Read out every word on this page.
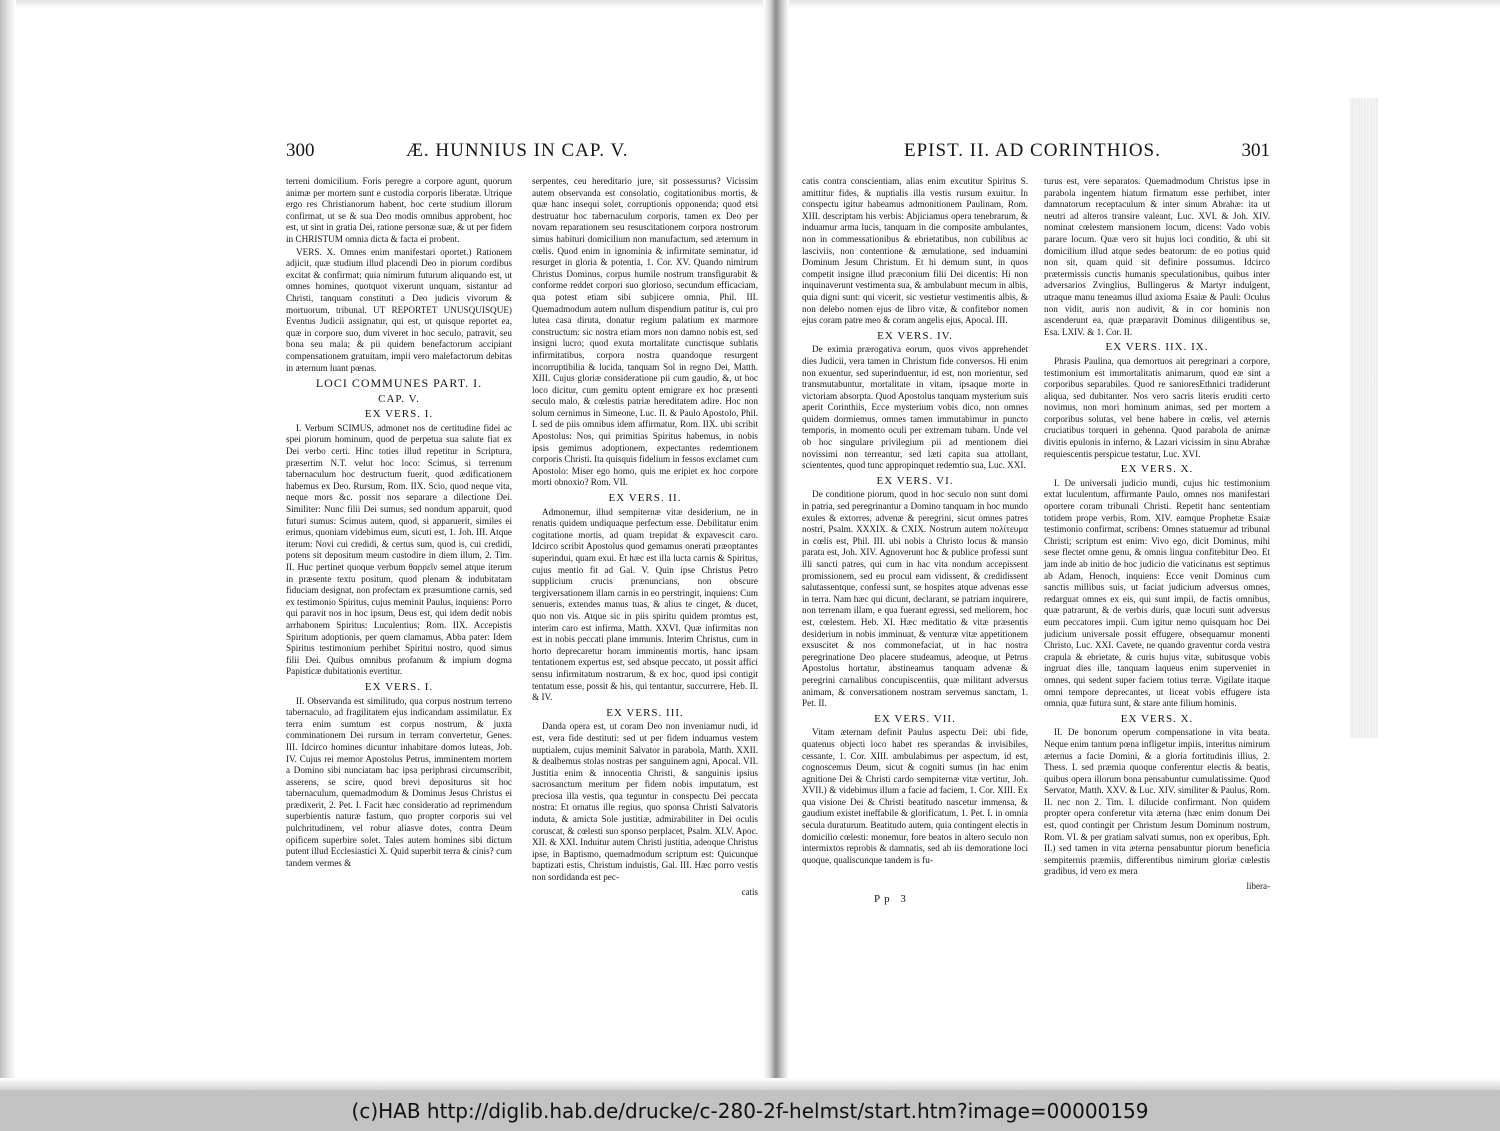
300	Æ. HUNNIUS IN CAP. V.

terreni domicilium. Foris peregre a corpore agunt, quorum animæ per mortem sunt e custodia corporis liberatæ. Utrique ergo res Christianorum habent, hoc certe studium illorum confirmat, ut se & sua Deo modis omnibus approbent, hoc est, ut sint in gratia Dei, ratione personæ suæ, & ut per fidem in CHRISTUM omnia dicta & facta ei probent.

VERS. X. Omnes enim manifestari oportet.) Rationem adjicit, quæ studium illud placendi Deo in piorum cordibus excitat & confirmat; quia nimirum futurum aliquando est, ut omnes homines, quotquot vixerunt unquam, sistantur ad Christi, tanquam constituti a Deo judicis vivorum & mortuorum, tribunal. UT REPORTET UNUSQUISQUE) Eventus Judicii assignatur, qui est, ut quisque reportet ea, quæ in corpore suo, dum viveret in hoc seculo, patravit, seu bona seu mala; & pii quidem benefactorum accipiant compensationem gratuitam, impii vero malefactorum debitas in æternum luant pœnas.

LOCI COMMUNES PART. I.
CAP. V.
EX VERS. I.

I. Verbum SCIMUS, admonet nos de certitudine fidei ac spei piorum hominum, quod de perpetua sua salute fiat ex Dei verbo certi. Hinc toties illud repetitur in Scriptura, præsertim N.T. velut hoc loco: Scimus, si terrenum tabernaculum hoc destructum fuerit, quod ædificationem habemus ex Deo. Rursum, Rom. IIX. Scio, quod neque vita, neque mors &c. possit nos separare a dilectione Dei. Similiter: Nunc filii Dei sumus, sed nondum apparuit, quod futuri sumus: Scimus autem, quod, si apparuerit, similes ei erimus, quoniam videbimus eum, sicuti est, 1. Joh. III. Atque iterum: Novi cui credidi, & certus sum, quod is, cui credidi, potens sit depositum meum custodire in diem illum, 2. Tim. II. Huc pertinet quoque verbum θαρρεῖν semel atque iterum in præsente textu positum, quod plenam & indubitatam fiduciam designat, non profectam ex præsumtione carnis, sed ex testimonio Spiritus, cujus meminit Paulus, inquiens: Porro qui paravit nos in hoc ipsum, Deus est, qui idem dedit nobis arrhabonem Spiritus: Luculentius; Rom. IIX. Accepistis Spiritum adoptionis, per quem clamamus, Abba pater: Idem Spiritus testimonium perhibet Spiritui nostro, quod simus filii Dei. Quibus omnibus profanum & impium dogma Papisticæ dubitationis evertitur.

EX VERS. I.

II. Observanda est similitudo, qua corpus nostrum terreno tabernaculo, ad fragilitatem ejus indicandam assimilatur. Ex terra enim sumtum est corpus nostrum, & juxta comminationem Dei rursum in terram convertetur, Genes. III. Idcirco homines dicuntur inhabitare domos luteas, Job. IV. Cujus rei memor Apostolus Petrus, imminentem mortem a Domino sibi nunciatam hac ipsa periphrasi circumscribit, asserens, se scire, quod brevi depositurus sit hoc tabernaculum, quemadmodum & Dominus Jesus Christus ei prædixerit, 2. Pet. I. Facit hæc consideratio ad reprimendum superbientis naturæ fastum, quo propter corporis sui vel pulchritudinem, vel robur aliasve dotes, contra Deum opificem superbire solet. Tales autem homines sibi dictum putent illud Ecclesiastici X. Quid superbit terra & cinis? cum tandem vermes &

serpentes, ceu hereditario jure, sit possessurus? Vicissim autem observanda est consolatio, cogitationibus mortis, & quæ hanc insequi solet, corruptionis opponenda; quod etsi destruatur hoc tabernaculum corporis, tamen ex Deo per novam reparationem seu resuscitationem corpora nostrorum simus habituri domicilium non manufactum, sed æternum in cœlis. Quod enim in ignominia & infirmitate seminatur, id resurget in gloria & potentia, 1. Cor. XV. Quando nimirum Christus Dominus, corpus humile nostrum transfigurabit & conforme reddet corpori suo glorioso, secundum efficaciam, qua potest etiam sibi subjicere omnia, Phil. III. Quemadmodum autem nullum dispendium patitur is, cui pro lutea casa diruta, donatur regium palatium ex marmore constructum: sic nostra etiam mors non damno nobis est, sed insigni lucro; quod exuta mortalitate cunctisque sublatis infirmitatibus, corpora nostra quandoque resurgent incorruptibilia & lucida, tanquam Sol in regno Dei, Matth. XIII. Cujus gloriæ consideratione pii cum gaudio, &, ut hoc loco dicitur, cum gemitu optent emigrare ex hoc præsenti seculo malo, & cœlestis patriæ hereditatem adire. Hoc non solum cernimus in Simeone, Luc. II. & Paulo Apostolo, Phil. I. sed de piis omnibus idem affirmatur, Rom. IIX. ubi scribit Apostolus: Nos, qui primitias Spiritus habemus, in nobis ipsis gemimus adoptionem, expectantes redemtionem corporis Christi. Ita quisquis fidelium in fessos exclamet cum Apostolo: Miser ego homo, quis me eripiet ex hoc corpore morti obnoxio? Rom. VII.

EX VERS. II.

Admonemur, illud sempiternæ vitæ desiderium, ne in renatis quidem undiquaque perfectum esse. Debilitatur enim cogitatione mortis, ad quam trepidat & expavescit caro. Idcirco scribit Apostolus quod gemamus onerati præoptantes superindui, quam exui. Et hæc est illa lucta carnis & Spiritus, cujus mentio fit ad Gal. V. Quin ipse Christus Petro supplicium crucis prænuncians, non obscure tergiversationem illam carnis in eo perstringit, inquiens: Cum senueris, extendes manus tuas, & alius te cinget, & ducet, quo non vis. Atque sic in piis spiritu quidem promtus est, interim caro est infirma, Matth. XXVI. Quæ infirmitas non est in nobis peccati plane immunis. Interim Christus, cum in horto deprecaretur horam imminentis mortis, hanc ipsam tentationem expertus est, sed absque peccato, ut possit affici sensu infirmitatum nostrarum, & ex hoc, quod ipsi contigit tentatum esse, possit & his, qui tentantur, succurrere, Heb. II. & IV.

EX VERS. III.

Danda opera est, ut coram Deo non inveniamur nudi, id est, vera fide destituti: sed ut per fidem induamus vestem nuptialem, cujus meminit Salvator in parabola, Matth. XXII. & dealbemus stolas nostras per sanguinem agni, Apocal. VII. Justitia enim & innocentia Christi, & sanguinis ipsius sacrosanctum meritum per fidem nobis imputatum, est preciosa illa vestis, qua teguntur in conspectu Dei peccata nostra: Et ornatus ille regius, quo sponsa Christi Salvatoris induta, & amicta Sole justitiæ, admirabiliter in Dei oculis coruscat, & cœlesti suo sponso perplacet, Psalm. XLV. Apoc. XII. & XXI. Induitur autem Christi justitia, adeoque Christus ipse, in Baptismo, quemadmodum scriptum est: Quicunque baptizati estis, Christum induistis, Gal. III. Hæc porro vestis non sordidanda est pec-

catis
EPIST. II. AD CORINTHIOS.	301

catis contra conscientiam, alias enim excutitur Spiritus S. amittitur fides, & nuptialis illa vestis rursum exuitur. In conspectu igitur habeamus admonitionem Paulinam, Rom. XIII. descriptam his verbis: Abjiciamus opera tenebrarum, & induamur arma lucis, tanquam in die composite ambulantes, non in commessationibus & ebrietatibus, non cubilibus ac lasciviis, non contentione & æmulatione, sed induamini Dominum Jesum Christum. Et hi demum sunt, in quos competit insigne illud præconium filii Dei dicentis: Hi non inquinaverunt vestimenta sua, & ambulabunt mecum in albis, quia digni sunt: qui vicerit, sic vestietur vestimentis albis, & non delebo nomen ejus de libro vitæ, & confitebor nomen ejus coram patre meo & coram angelis ejus, Apocal. III.

EX VERS. IV.

De eximia prærogativa eorum, quos vivos apprehendet dies Judicii, vera tamen in Christum fide conversos. Hi enim non exuentur, sed superinduentur, id est, non morientur, sed transmutabuntur, mortalitate in vitam, ipsaque morte in victoriam absorpta. Quod Apostolus tanquam mysterium suis aperit Corinthiis, Ecce mysterium vobis dico, non omnes quidem dormiemus, omnes tamen immutabimur in puncto temporis, in momento oculi per extremam tubam. Unde vel ob hoc singulare privilegium pii ad mentionem diei novissimi non terreantur, sed læti capita sua attollant, sciententes, quod tunc appropinquet redemtio sua, Luc. XXI.

EX VERS. VI.

De conditione piorum, quod in hoc seculo non sunt domi in patria, sed peregrinantur a Domino tanquam in hoc mundo exules & extorres, advenæ & peregrini, sicut omnes patres nostri, Psalm. XXXIX. & CXIX. Nostrum autem πολίτευμα in cœlis est, Phil. III. ubi nobis a Christo locus & mansio parata est, Joh. XIV. Agnoverunt hoc & publice professi sunt illi sancti patres, qui cum in hac vita nondum accepissent promissionem, sed eu procul eam vidissent, & credidissent salutassentque, confessi sunt, se hospites atque advenas esse in terra. Nam hæc qui dicunt, declarant, se patriam inquirere, non terrenam illam, e qua fuerant egressi, sed meliorem, hoc est, cœlestem. Heb. XI. Hæc meditatio & vitæ præsentis desiderium in nobis imminuat, & venturæ vitæ appetitionem exsuscitet & nos commonefaciat, ut in hac nostra peregrinatione Deo placere studeamus, adeoque, ut Petrus Apostolus hortatur, abstineamus tanquam advenæ & peregrini carnalibus concupiscentiis, quæ militant adversus animam, & conversationem nostram servemus sanctam, 1. Pet. II.

EX VERS. VII.

Vitam æternam definit Paulus aspectu Dei: ubi fide, quatenus objecti loco habet res sperandas & invisibiles, cessante, 1. Cor. XIII. ambulabimus per aspectum, id est, cognoscemus Deum, sicut & cogniti sumus (in hac enim agnitione Dei & Christi cardo sempiternæ vitæ vertitur, Joh. XVII.) & videbimus illum a facie ad faciem, 1. Cor. XIII. Ex qua visione Dei & Christi beatitudo nascetur immensa, & gaudium existet ineffabile & glorificatum, 1. Pet. I. in omnia secula duraturum. Beatitudo autem, quia contingent electis in domicilio cœlesti: monemur, fore beatos in altero seculo non intermixtos reprobis & damnatis, sed ab iis demoratione loci quoque, qualiscunque tandem is fu-

turus est, vere separatos. Quemadmodum Christus ipse in parabola ingentem hiatum firmatum esse perhibet, inter damnatorum receptaculum & inter sinum Abrahæ: ita ut neutri ad alteros transire valeant, Luc. XVI. & Joh. XIV. nominat cœlestem mansionem locum, dicens: Vado vobis parare locum. Quæ vero sit hujus loci conditio, & ubi sit domicilium illud atque sedes beatorum: de eo potius quid non sit, quam quid sit definire possumus. Idcirco prætermissis cunctis humanis speculationibus, quibus inter adversarios Zvinglius, Bullingerus & Martyr indulgent, utraque manu teneamus illud axioma Esaiæ & Pauli: Oculus non vidit, auris non audivit, & in cor hominis non ascenderunt ea, quæ præparavit Dominus diligentibus se, Esa. LXIV. & 1. Cor. II.

EX VERS. IIX. IX.

Phrasis Paulina, qua demortuos ait peregrinari a corpore, testimonium est immortalitatis animarum, quod eæ sint a corporibus separabiles. Quod re sanioresEthnici tradiderunt aliqua, sed dubitanter. Nos vero sacris literis eruditi certo novimus, non mori hominum animas, sed per mortem a corporibus solutas, vel bene habere in cœlis, vel æternis cruciatibus torqueri in gehenna. Quod parabola de animæ divitis epulonis in inferno, & Lazari vicissim in sinu Abrahæ requiescentis perspicue testatur, Luc. XVI.

EX VERS. X.

I. De universali judicio mundi, cujus hic testimonium extat luculentum, affirmante Paulo, omnes nos manifestari oportere coram tribunali Christi. Repetit hanc sententiam totidem prope verbis, Rom. XIV. eamque Prophetæ Esaiæ testimonio confirmat, scribens: Omnes statuemur ad tribunal Christi; scriptum est enim: Vivo ego, dicit Dominus, mihi sese flectet omne genu, & omnis lingua confitebitur Deo. Et jam inde ab initio de hoc judicio die vaticinatus est septimus ab Adam, Henoch, inquiens: Ecce venit Dominus cum sanctis millibus suis, ut faciat judicium adversus omnes, redarguat omnes ex eis, qui sunt impii, de factis omnibus, quæ patrarunt, & de verbis duris, quæ locuti sunt adversus eum peccatores impii. Cum igitur nemo quisquam hoc Dei judicium universale possit effugere, obsequamur monenti Christo, Luc. XXI. Cavete, ne quando graventur corda vestra crapula & ebrietate, & curis hujus vitæ, subitusque vobis ingruat dies ille, tanquam laqueus enim superveniet in omnes, qui sedent super faciem totius terræ. Vigilate itaque omni tempore deprecantes, ut liceat vobis effugere ista omnia, quæ futura sunt, & stare ante filium hominis.

EX VERS. X.

II. De bonorum operum compensatione in vita beata. Neque enim tantum pœna infligetur impiis, interitus nimirum æternus a facie Domini, & a gloria fortitudinis illius, 2. Thess. I. sed præmia quoque conferentur electis & beatis, quibus opera illorum bona pensabuntur cumulatissime. Quod Servator, Matth. XXV. & Luc. XIV. similiter & Paulus, Rom. II. nec non 2. Tim. I. dilucide confirmant. Non quidem propter opera conferetur vita æterna (hæc enim donum Dei est, quod contingit per Christum Jesum Dominum nostrum, Rom. VI. & per gratiam salvati sumus, non ex operibus, Eph. II.) sed tamen in vita æterna pensabuntur piorum beneficia sempiternis præmiis, differentibus nimirum gloriæ cœlestis gradibus, id vero ex mera

libera-
Pp 3
(c)HAB http://diglib.hab.de/drucke/c-280-2f-helmst/start.htm?image=00000159
